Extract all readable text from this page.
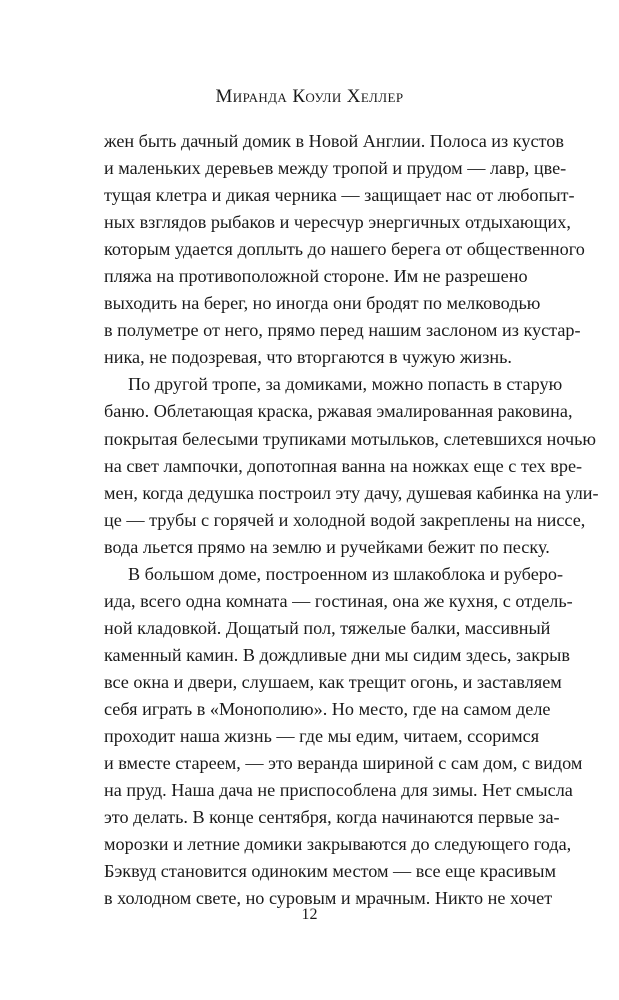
Миранда Коули Хеллер
жен быть дачный домик в Новой Англии. Полоса из кустов
и маленьких деревьев между тропой и прудом — лавр, цве-
тущая клетра и дикая черника — защищает нас от любопыт-
ных взглядов рыбаков и чересчур энергичных отдыхающих,
которым удается доплыть до нашего берега от общественного
пляжа на противоположной стороне. Им не разрешено
выходить на берег, но иногда они бродят по мелководью
в полуметре от него, прямо перед нашим заслоном из кустар-
ника, не подозревая, что вторгаются в чужую жизнь.
По другой тропе, за домиками, можно попасть в старую
баню. Облетающая краска, ржавая эмалированная раковина,
покрытая белесыми трупиками мотыльков, слетевшихся ночью
на свет лампочки, допотопная ванна на ножках еще с тех вре-
мен, когда дедушка построил эту дачу, душевая кабинка на ули-
це — трубы с горячей и холодной водой закреплены на ниссе,
вода льется прямо на землю и ручейками бежит по песку.
В большом доме, построенном из шлакоблока и руберо-
ида, всего одна комната — гостиная, она же кухня, с отдель-
ной кладовкой. Дощатый пол, тяжелые балки, массивный
каменный камин. В дождливые дни мы сидим здесь, закрыв
все окна и двери, слушаем, как трещит огонь, и заставляем
себя играть в «Монополию». Но место, где на самом деле
проходит наша жизнь — где мы едим, читаем, ссоримся
и вместе стареем, — это веранда шириной с сам дом, с видом
на пруд. Наша дача не приспособлена для зимы. Нет смысла
это делать. В конце сентября, когда начинаются первые за-
морозки и летние домики закрываются до следующего года,
Бэквуд становится одиноким местом — все еще красивым
в холодном свете, но суровым и мрачным. Никто не хочет
12
